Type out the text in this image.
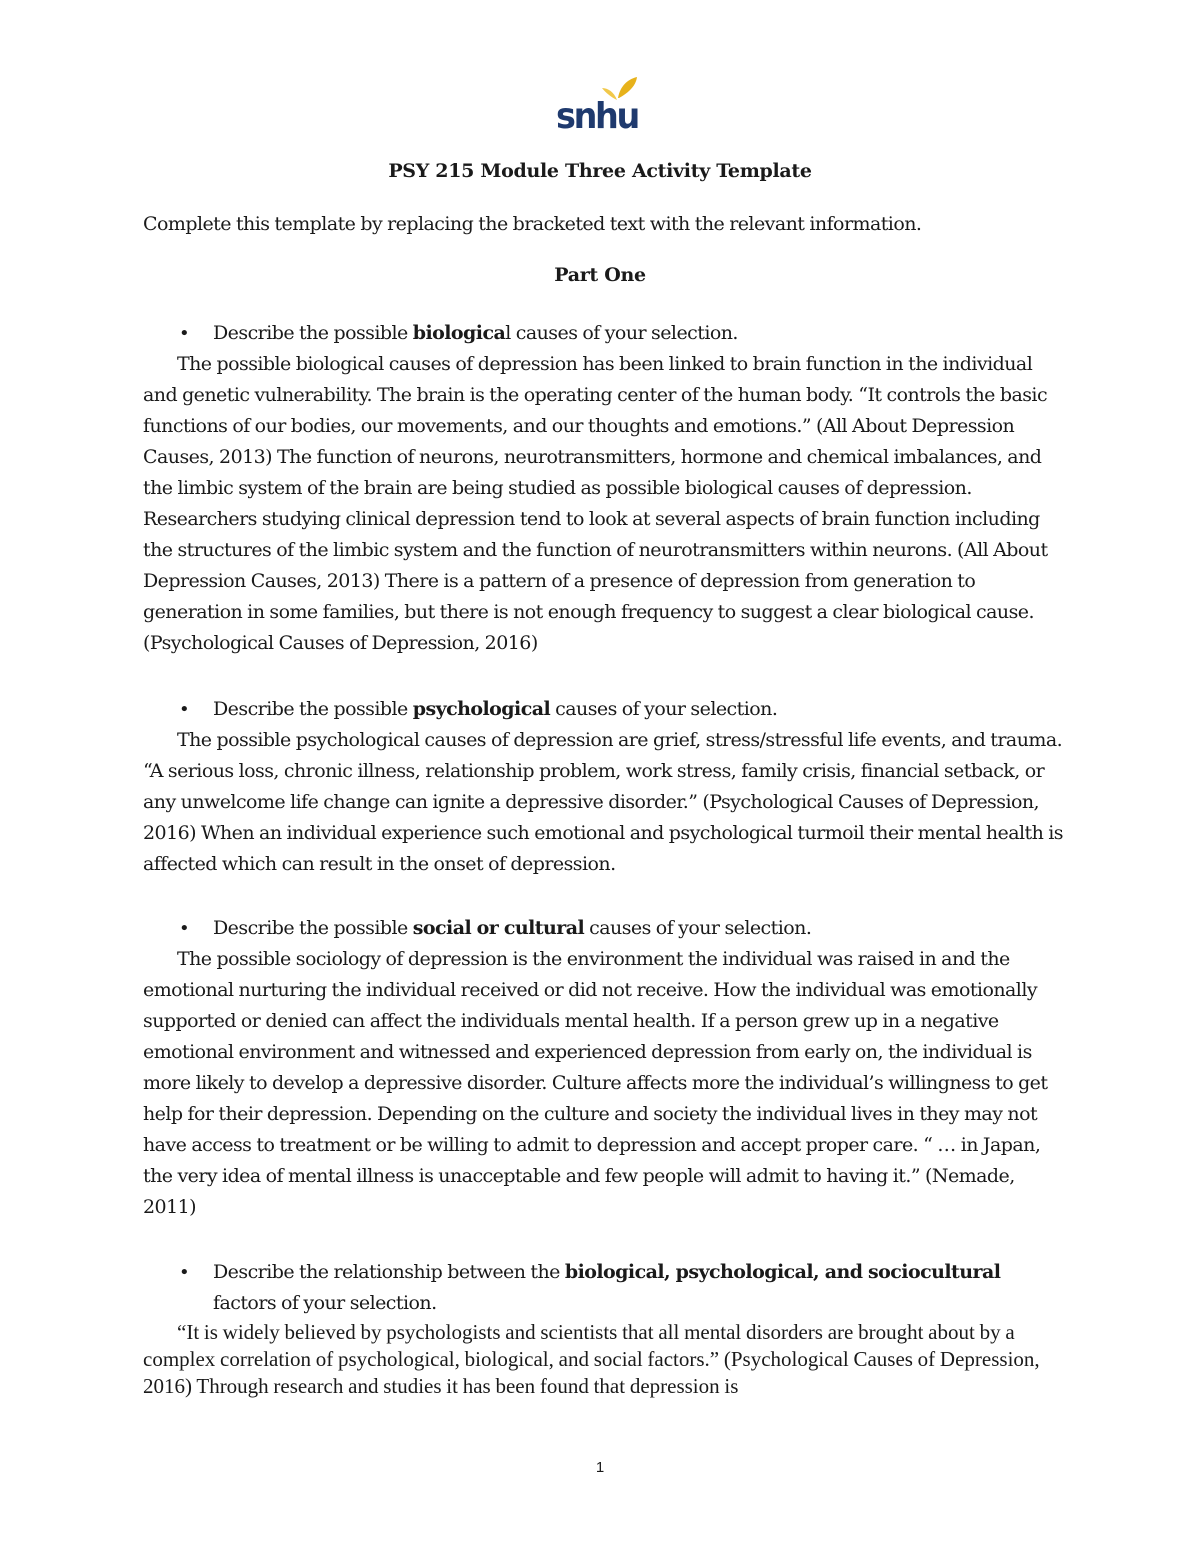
snhu
PSY 215 Module Three Activity Template
Complete this template by replacing the bracketed text with the relevant information.
Part One
• Describe the possible biological causes of your selection.

The possible biological causes of depression has been linked to brain function in the individual and genetic vulnerability. The brain is the operating center of the human body. “It controls the basic functions of our bodies, our movements, and our thoughts and emotions.” (All About Depression Causes, 2013) The function of neurons, neurotransmitters, hormone and chemical imbalances, and the limbic system of the brain are being studied as possible biological causes of depression. Researchers studying clinical depression tend to look at several aspects of brain function including the structures of the limbic system and the function of neurotransmitters within neurons. (All About Depression Causes, 2013) There is a pattern of a presence of depression from generation to generation in some families, but there is not enough frequency to suggest a clear biological cause. (Psychological Causes of Depression, 2016)

• Describe the possible psychological causes of your selection.

The possible psychological causes of depression are grief, stress/stressful life events, and trauma. “A serious loss, chronic illness, relationship problem, work stress, family crisis, financial setback, or any unwelcome life change can ignite a depressive disorder.” (Psychological Causes of Depression, 2016) When an individual experience such emotional and psychological turmoil their mental health is affected which can result in the onset of depression.

• Describe the possible social or cultural causes of your selection.

The possible sociology of depression is the environment the individual was raised in and the emotional nurturing the individual received or did not receive. How the individual was emotionally supported or denied can affect the individuals mental health. If a person grew up in a negative emotional environment and witnessed and experienced depression from early on, the individual is more likely to develop a depressive disorder. Culture affects more the individual’s willingness to get help for their depression. Depending on the culture and society the individual lives in they may not have access to treatment or be willing to admit to depression and accept proper care. “ … in Japan, the very idea of mental illness is unacceptable and few people will admit to having it.” (Nemade, 2011)

• Describe the relationship between the biological, psychological, and sociocultural factors of your selection.

“It is widely believed by psychologists and scientists that all mental disorders are brought about by a complex correlation of psychological, biological, and social factors.” (Psychological Causes of Depression, 2016) Through research and studies it has been found that depression is

1
